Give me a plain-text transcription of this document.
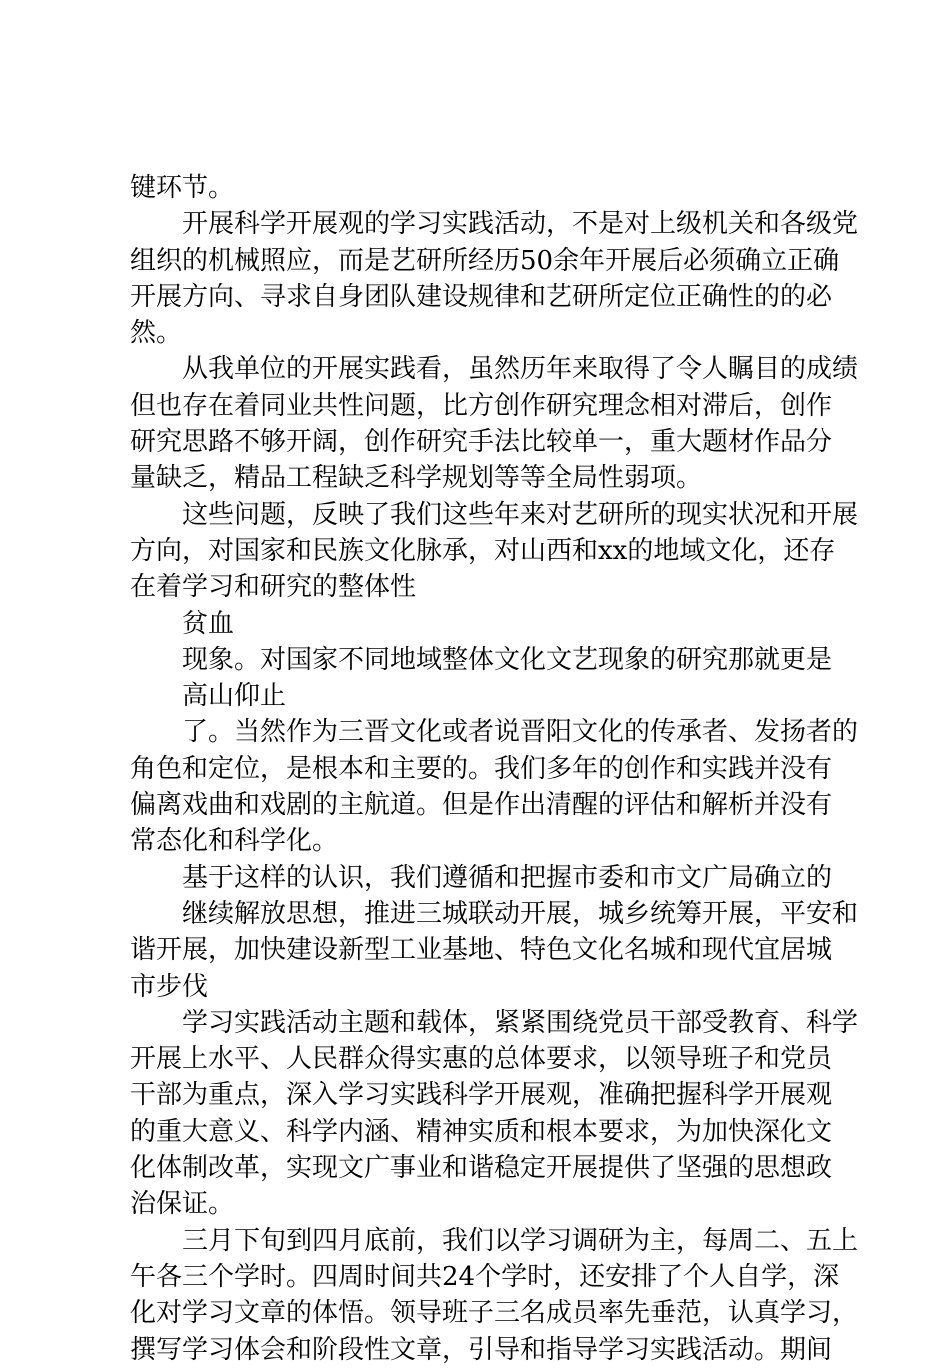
键环节。
开展科学开展观的学习实践活动，不是对上级机关和各级党
组织的机械照应，而是艺研所经历50余年开展后必须确立正确
开展方向、寻求自身团队建设规律和艺研所定位正确性的的必
然。
从我单位的开展实践看，虽然历年来取得了令人瞩目的成绩
但也存在着同业共性问题，比方创作研究理念相对滞后，创作
研究思路不够开阔，创作研究手法比较单一，重大题材作品分
量缺乏，精品工程缺乏科学规划等等全局性弱项。
这些问题，反映了我们这些年来对艺研所的现实状况和开展
方向，对国家和民族文化脉承，对山西和xx的地域文化，还存
在着学习和研究的整体性
贫血
现象。对国家不同地域整体文化文艺现象的研究那就更是
高山仰止
了。当然作为三晋文化或者说晋阳文化的传承者、发扬者的
角色和定位，是根本和主要的。我们多年的创作和实践并没有
偏离戏曲和戏剧的主航道。但是作出清醒的评估和解析并没有
常态化和科学化。
基于这样的认识，我们遵循和把握市委和市文广局确立的
继续解放思想，推进三城联动开展，城乡统筹开展，平安和
谐开展，加快建设新型工业基地、特色文化名城和现代宜居城
市步伐
学习实践活动主题和载体，紧紧围绕党员干部受教育、科学
开展上水平、人民群众得实惠的总体要求，以领导班子和党员
干部为重点，深入学习实践科学开展观，准确把握科学开展观
的重大意义、科学内涵、精神实质和根本要求，为加快深化文
化体制改革，实现文广事业和谐稳定开展提供了坚强的思想政
治保证。
三月下旬到四月底前，我们以学习调研为主，每周二、五上
午各三个学时。四周时间共24个学时，还安排了个人自学，深
化对学习文章的体悟。领导班子三名成员率先垂范，认真学习，
撰写学习体会和阶段性文章，引导和指导学习实践活动。期间
